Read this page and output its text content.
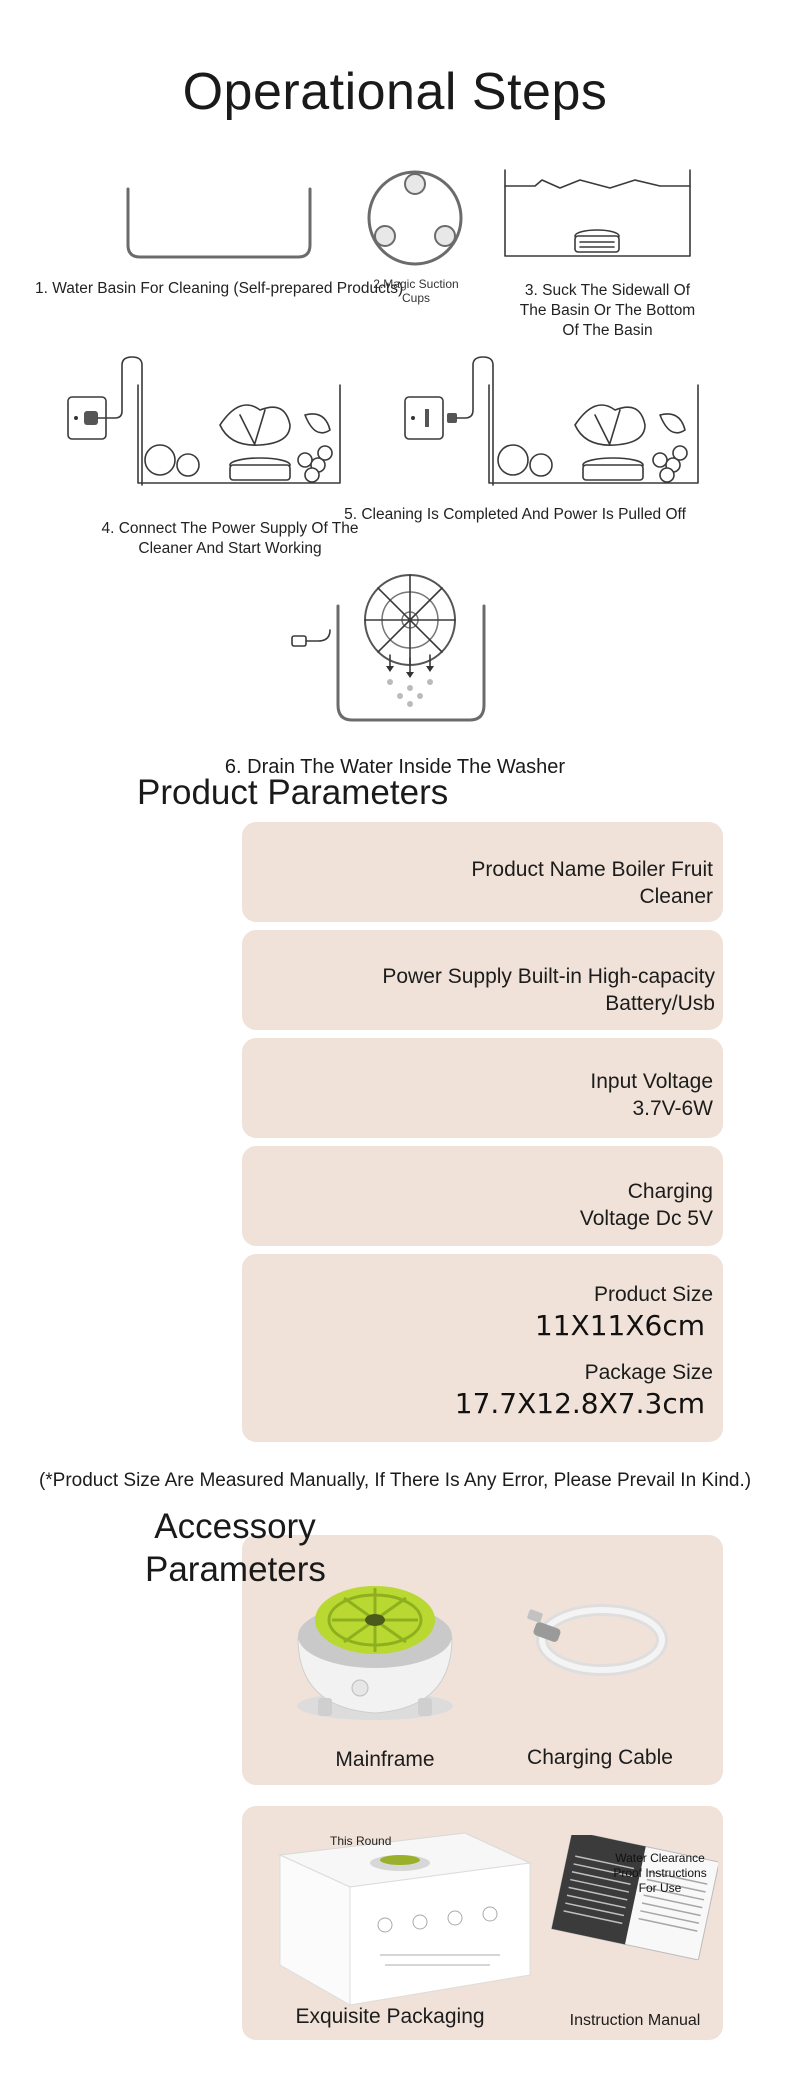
Operational Steps
1. Water Basin For Cleaning (Self-prepared Products)
2.Magic Suction Cups	3. Suck The Sidewall Of The Basin Or The Bottom Of The Basin
4. Connect The Power Supply Of The Cleaner And Start Working
5. Cleaning Is Completed And Power Is Pulled Off
6. Drain The Water Inside The Washer
Product Parameters
Product Name Boiler Fruit Cleaner
Power Supply Built-in High-capacity Battery/Usb
Input Voltage
3.7V-6W
Charging Voltage Dc 5V
Product Size
11X11X6cm
Package Size
17.7X12.8X7.3cm
(*Product Size Are Measured Manually, If There Is Any Error, Please Prevail In Kind.)
Accessory Parameters
Mainframe	Charging Cable
This Round
Water Clearance Proof Instructions For Use
Exquisite Packaging	Instruction Manual
